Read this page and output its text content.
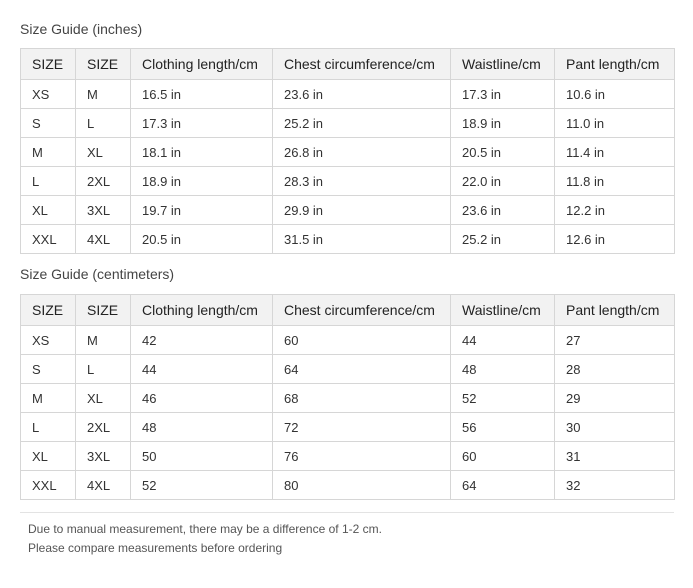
Size Guide (inches)
SIZE	SIZE	Clothing length/cm	Chest circumference/cm	Waistline/cm	Pant length/cm
XS	M	16.5 in	23.6 in	17.3 in	10.6 in
S	L	17.3 in	25.2 in	18.9 in	11.0 in
M	XL	18.1 in	26.8 in	20.5 in	11.4 in
L	2XL	18.9 in	28.3 in	22.0 in	11.8 in
XL	3XL	19.7 in	29.9 in	23.6 in	12.2 in
XXL	4XL	20.5 in	31.5 in	25.2 in	12.6 in
Size Guide (centimeters)
SIZE	SIZE	Clothing length/cm	Chest circumference/cm	Waistline/cm	Pant length/cm
XS	M	42	60	44	27
S	L	44	64	48	28
M	XL	46	68	52	29
L	2XL	48	72	56	30
XL	3XL	50	76	60	31
XXL	4XL	52	80	64	32
Due to manual measurement, there may be a difference of 1-2 cm.
Please compare measurements before ordering
